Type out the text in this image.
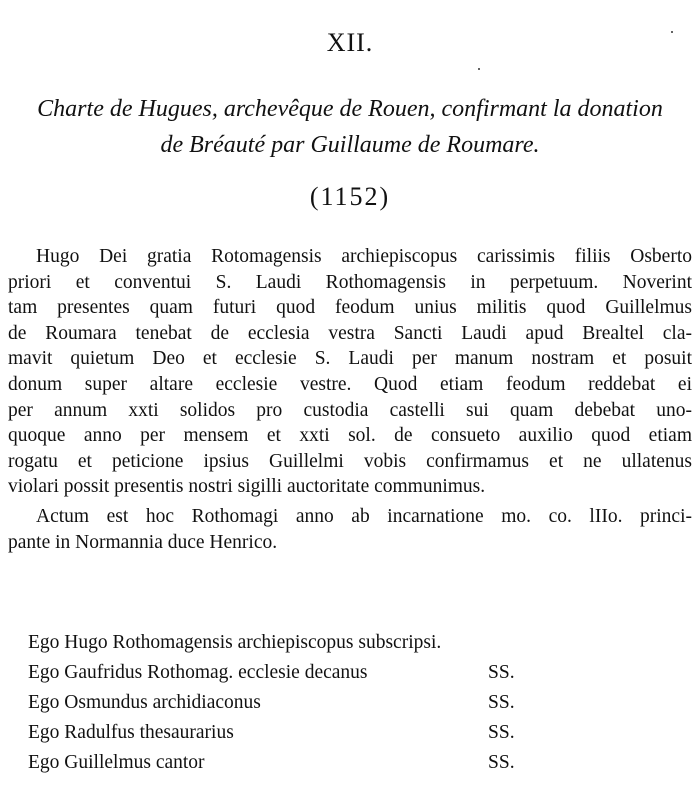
XII.
Charte de Hugues, archevêque de Rouen, confirmant la donation
de Bréauté par Guillaume de Roumare.
(1152)
Hugo Dei gratia Rotomagensis archiepiscopus carissimis filiis Osberto
priori et conventui S. Laudi Rothomagensis in perpetuum. Noverint
tam presentes quam futuri quod feodum unius militis quod Guillelmus
de Roumara tenebat de ecclesia vestra Sancti Laudi apud Brealtel cla-
mavit quietum Deo et ecclesie S. Laudi per manum nostram et posuit
donum super altare ecclesie vestre. Quod etiam feodum reddebat ei
per annum xxti solidos pro custodia castelli sui quam debebat uno-
quoque anno per mensem et xxti sol. de consueto auxilio quod etiam
rogatu et peticione ipsius Guillelmi vobis confirmamus et ne ullatenus
violari possit presentis nostri sigilli auctoritate communimus.
Actum est hoc Rothomagi anno ab incarnatione mo. co. lIIo. princi-
pante in Normannia duce Henrico.
Ego Hugo Rothomagensis archiepiscopus subscripsi.
Ego Gaufridus Rothomag. ecclesie decanus	SS.
Ego Osmundus archidiaconus	SS.
Ego Radulfus thesaurarius	SS.
Ego Guillelmus cantor	SS.
